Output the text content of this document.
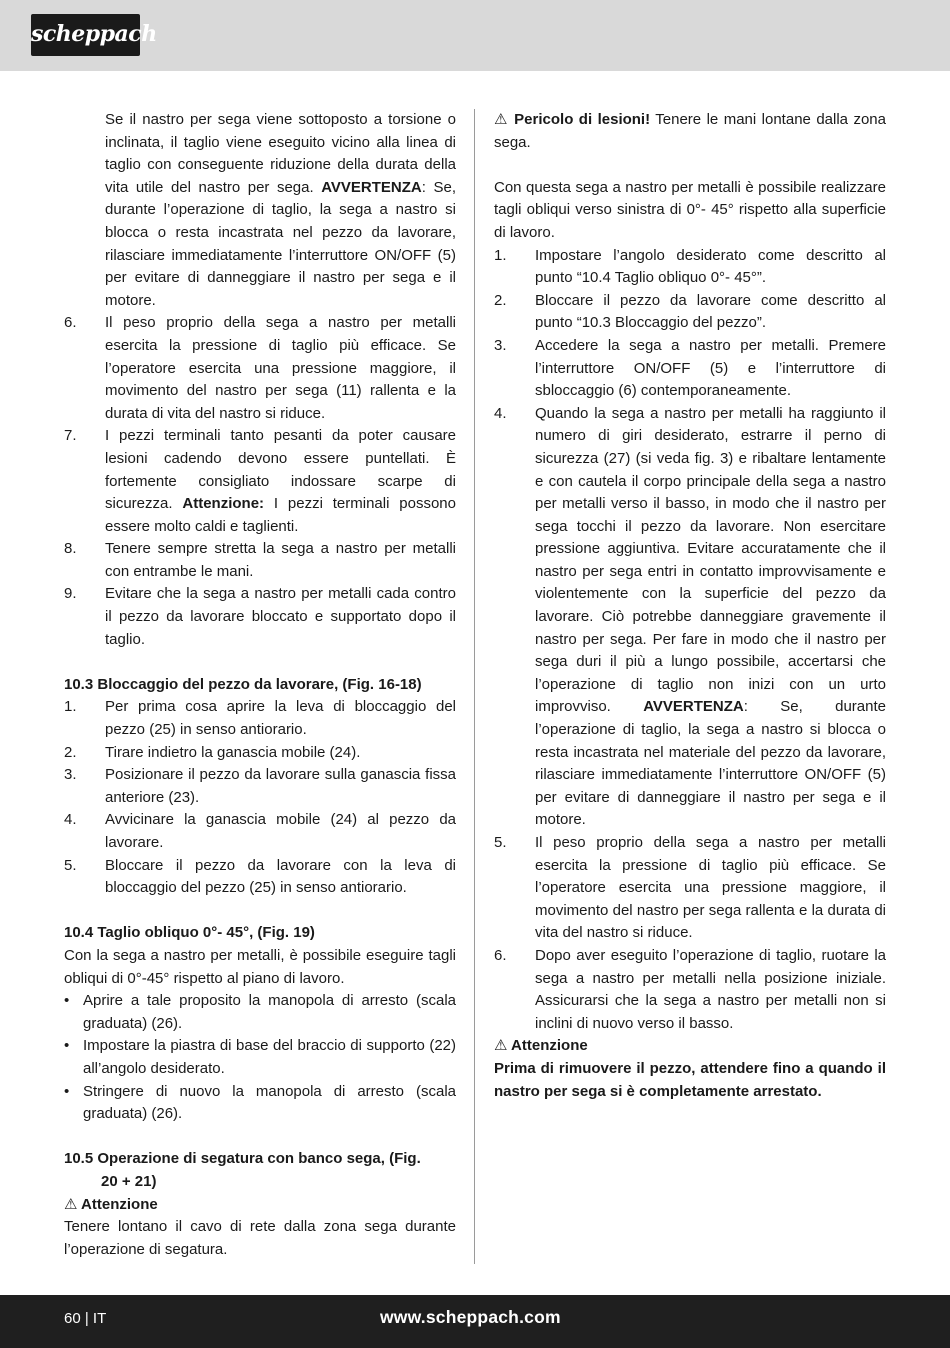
scheppach

Se il nastro per sega viene sottoposto a torsione o inclinata, il taglio viene eseguito vicino alla linea di taglio con conseguente riduzione della durata della vita utile del nastro per sega. AVVERTENZA: Se, durante l’operazione di taglio, la sega a nastro si blocca o resta incastrata nel pezzo da lavorare, rilasciare immediatamente l’interruttore ON/OFF (5) per evitare di danneggiare il nastro per sega e il motore.

6.	Il peso proprio della sega a nastro per metalli esercita la pressione di taglio più efficace. Se l’operatore esercita una pressione maggiore, il movimento del nastro per sega (11) rallenta e la durata di vita del nastro si riduce.
7.	I pezzi terminali tanto pesanti da poter causare lesioni cadendo devono essere puntellati. È fortemente consigliato indossare scarpe di sicurezza. Attenzione: I pezzi terminali possono essere molto caldi e taglienti.
8.	Tenere sempre stretta la sega a nastro per metalli con entrambe le mani.
9.	Evitare che la sega a nastro per metalli cada contro il pezzo da lavorare bloccato e supportato dopo il taglio.

10.3 Bloccaggio del pezzo da lavorare, (Fig. 16-18)

1.	Per prima cosa aprire la leva di bloccaggio del pezzo (25) in senso antiorario.
2.	Tirare indietro la ganascia mobile (24).
3.	Posizionare il pezzo da lavorare sulla ganascia fissa anteriore (23).
4.	Avvicinare la ganascia mobile (24) al pezzo da lavorare.
5.	Bloccare il pezzo da lavorare con la leva di bloccaggio del pezzo (25) in senso antiorario.

10.4 Taglio obliquo 0°- 45°, (Fig. 19)

Con la sega a nastro per metalli, è possibile eseguire tagli obliqui di 0°-45° rispetto al piano di lavoro.

• Aprire a tale proposito la manopola di arresto (scala graduata) (26).
• Impostare la piastra di base del braccio di supporto (22) all’angolo desiderato.
• Stringere di nuovo la manopola di arresto (scala graduata) (26).

10.5 Operazione di segatura con banco sega, (Fig.
20 + 21)

⚠ Attenzione

Tenere lontano il cavo di rete dalla zona sega durante l’operazione di segatura.

⚠ Pericolo di lesioni! Tenere le mani lontane dalla zona sega.

Con questa sega a nastro per metalli è possibile realizzare tagli obliqui verso sinistra di 0°- 45° rispetto alla superficie di lavoro.

1.	Impostare l’angolo desiderato come descritto al punto “10.4 Taglio obliquo 0°- 45°”.
2.	Bloccare il pezzo da lavorare come descritto al punto “10.3 Bloccaggio del pezzo”.
3.	Accedere la sega a nastro per metalli. Premere l’interruttore ON/OFF (5) e l’interruttore di sbloccaggio (6) contemporaneamente.
4.	Quando la sega a nastro per metalli ha raggiunto il numero di giri desiderato, estrarre il perno di sicurezza (27) (si veda fig. 3) e ribaltare lentamente e con cautela il corpo principale della sega a nastro per metalli verso il basso, in modo che il nastro per sega tocchi il pezzo da lavorare. Non esercitare pressione aggiuntiva. Evitare accuratamente che il nastro per sega entri in contatto improvvisamente e violentemente con la superficie del pezzo da lavorare. Ciò potrebbe danneggiare gravemente il nastro per sega. Per fare in modo che il nastro per sega duri il più a lungo possibile, accertarsi che l’operazione di taglio non inizi con un urto improvviso. AVVERTENZA: Se, durante l’operazione di taglio, la sega a nastro si blocca o resta incastrata nel materiale del pezzo da lavorare, rilasciare immediatamente l’interruttore ON/OFF (5) per evitare di danneggiare il nastro per sega e il motore.
5.	Il peso proprio della sega a nastro per metalli esercita la pressione di taglio più efficace. Se l’operatore esercita una pressione maggiore, il movimento del nastro per sega rallenta e la durata di vita del nastro si riduce.
6.	Dopo aver eseguito l’operazione di taglio, ruotare la sega a nastro per metalli nella posizione iniziale. Assicurarsi che la sega a nastro per metalli non si inclini di nuovo verso il basso.

⚠ Attenzione

Prima di rimuovere il pezzo, attendere fino a quando il nastro per sega si è completamente arrestato.

60 | IT	www.scheppach.com
